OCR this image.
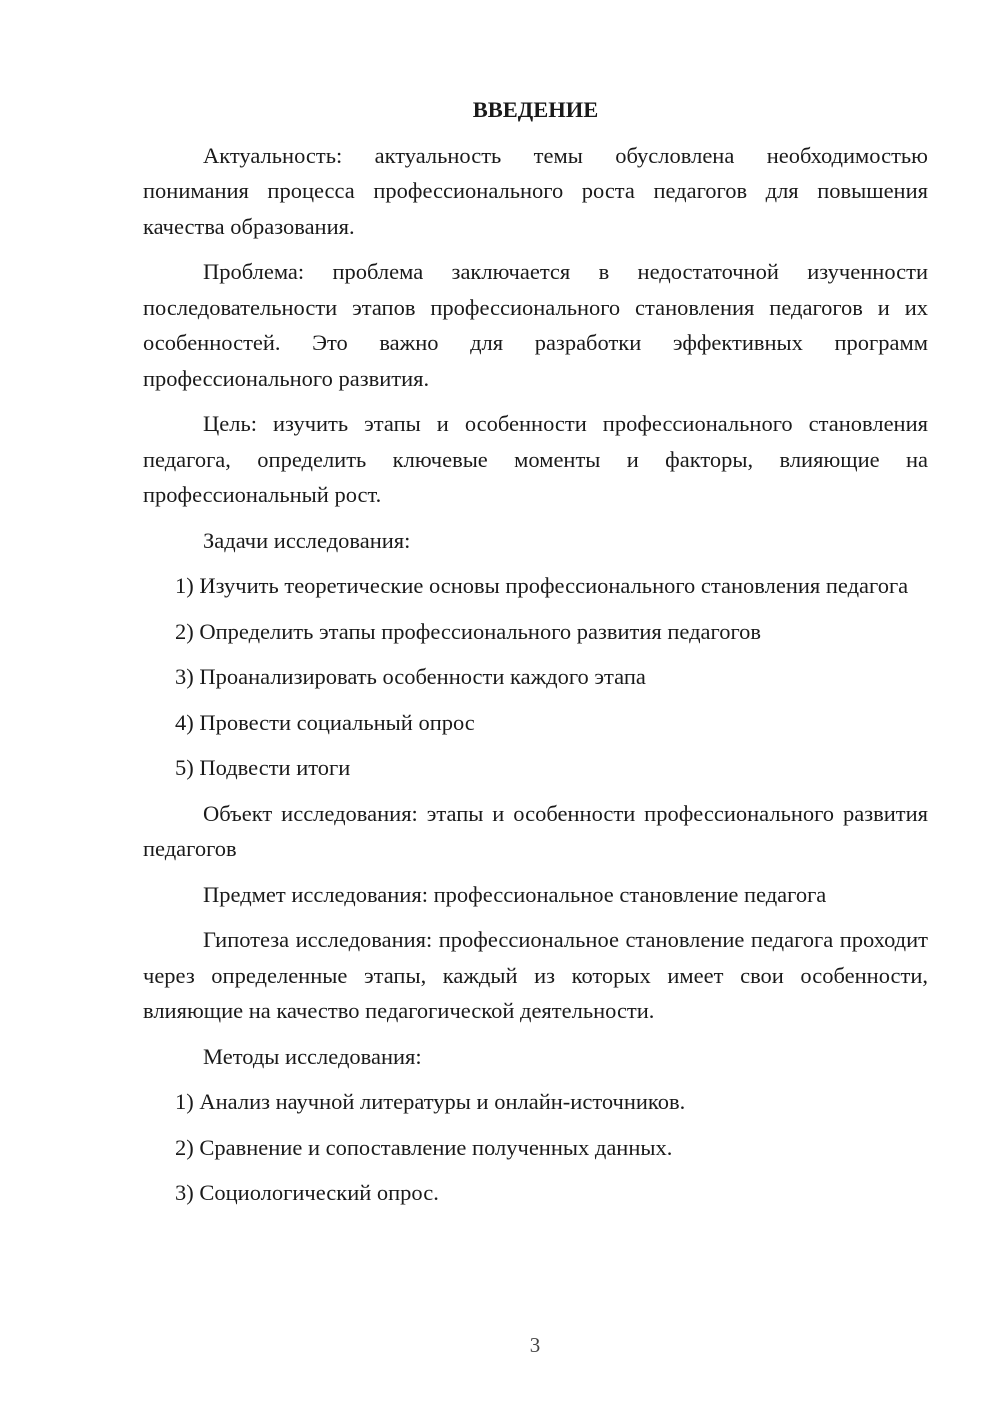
ВВЕДЕНИЕ

Актуальность: актуальность темы обусловлена необходимостью понимания процесса профессионального роста педагогов для повышения качества образования.

Проблема: проблема заключается в недостаточной изученности последовательности этапов профессионального становления педагогов и их особенностей. Это важно для разработки эффективных программ профессионального развития.

Цель: изучить этапы и особенности профессионального становления педагога, определить ключевые моменты и факторы, влияющие на профессиональный рост.

Задачи исследования:

1) Изучить теоретические основы профессионального становления педагога

2) Определить этапы профессионального развития педагогов

3) Проанализировать особенности каждого этапа

4) Провести социальный опрос

5) Подвести итоги

Объект исследования: этапы и особенности профессионального развития педагогов

Предмет исследования: профессиональное становление педагога

Гипотеза исследования: профессиональное становление педагога проходит через определенные этапы, каждый из которых имеет свои особенности, влияющие на качество педагогической деятельности.

Методы исследования:

1) Анализ научной литературы и онлайн-источников.

2) Сравнение и сопоставление полученных данных.

3) Социологический опрос.

3
